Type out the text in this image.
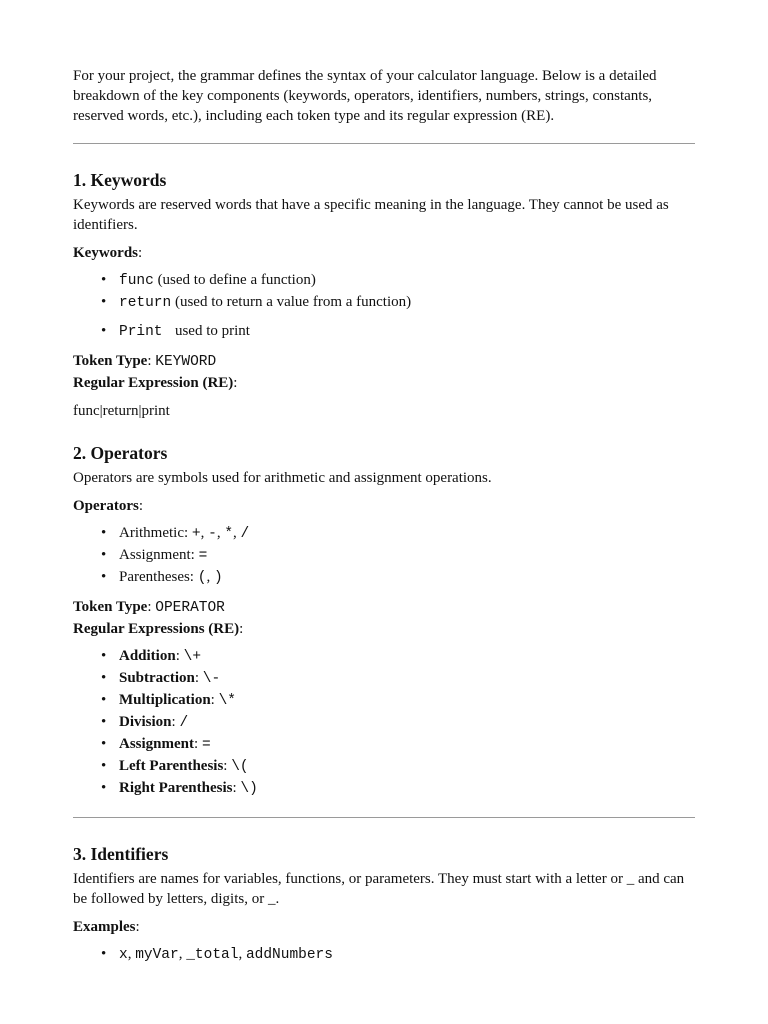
For your project, the grammar defines the syntax of your calculator language. Below is a detailed breakdown of the key components (keywords, operators, identifiers, numbers, strings, constants, reserved words, etc.), including each token type and its regular expression (RE).

1. Keywords

Keywords are reserved words that have a specific meaning in the language. They cannot be used as identifiers.

Keywords:

• func (used to define a function)
• return (used to return a value from a function)
• Print  used to print

Token Type: KEYWORD

Regular Expression (RE):

func|return|print

2. Operators

Operators are symbols used for arithmetic and assignment operations.

Operators:

• Arithmetic: +, -, *, /
• Assignment: =
• Parentheses: (, )

Token Type: OPERATOR

Regular Expressions (RE):

• Addition: \+
• Subtraction: \-
• Multiplication: \*
• Division: /
• Assignment: =
• Left Parenthesis: \(
• Right Parenthesis: \)
3. Identifiers

Identifiers are names for variables, functions, or parameters. They must start with a letter or _ and can be followed by letters, digits, or _.

Examples:

• x, myVar, _total, addNumbers
